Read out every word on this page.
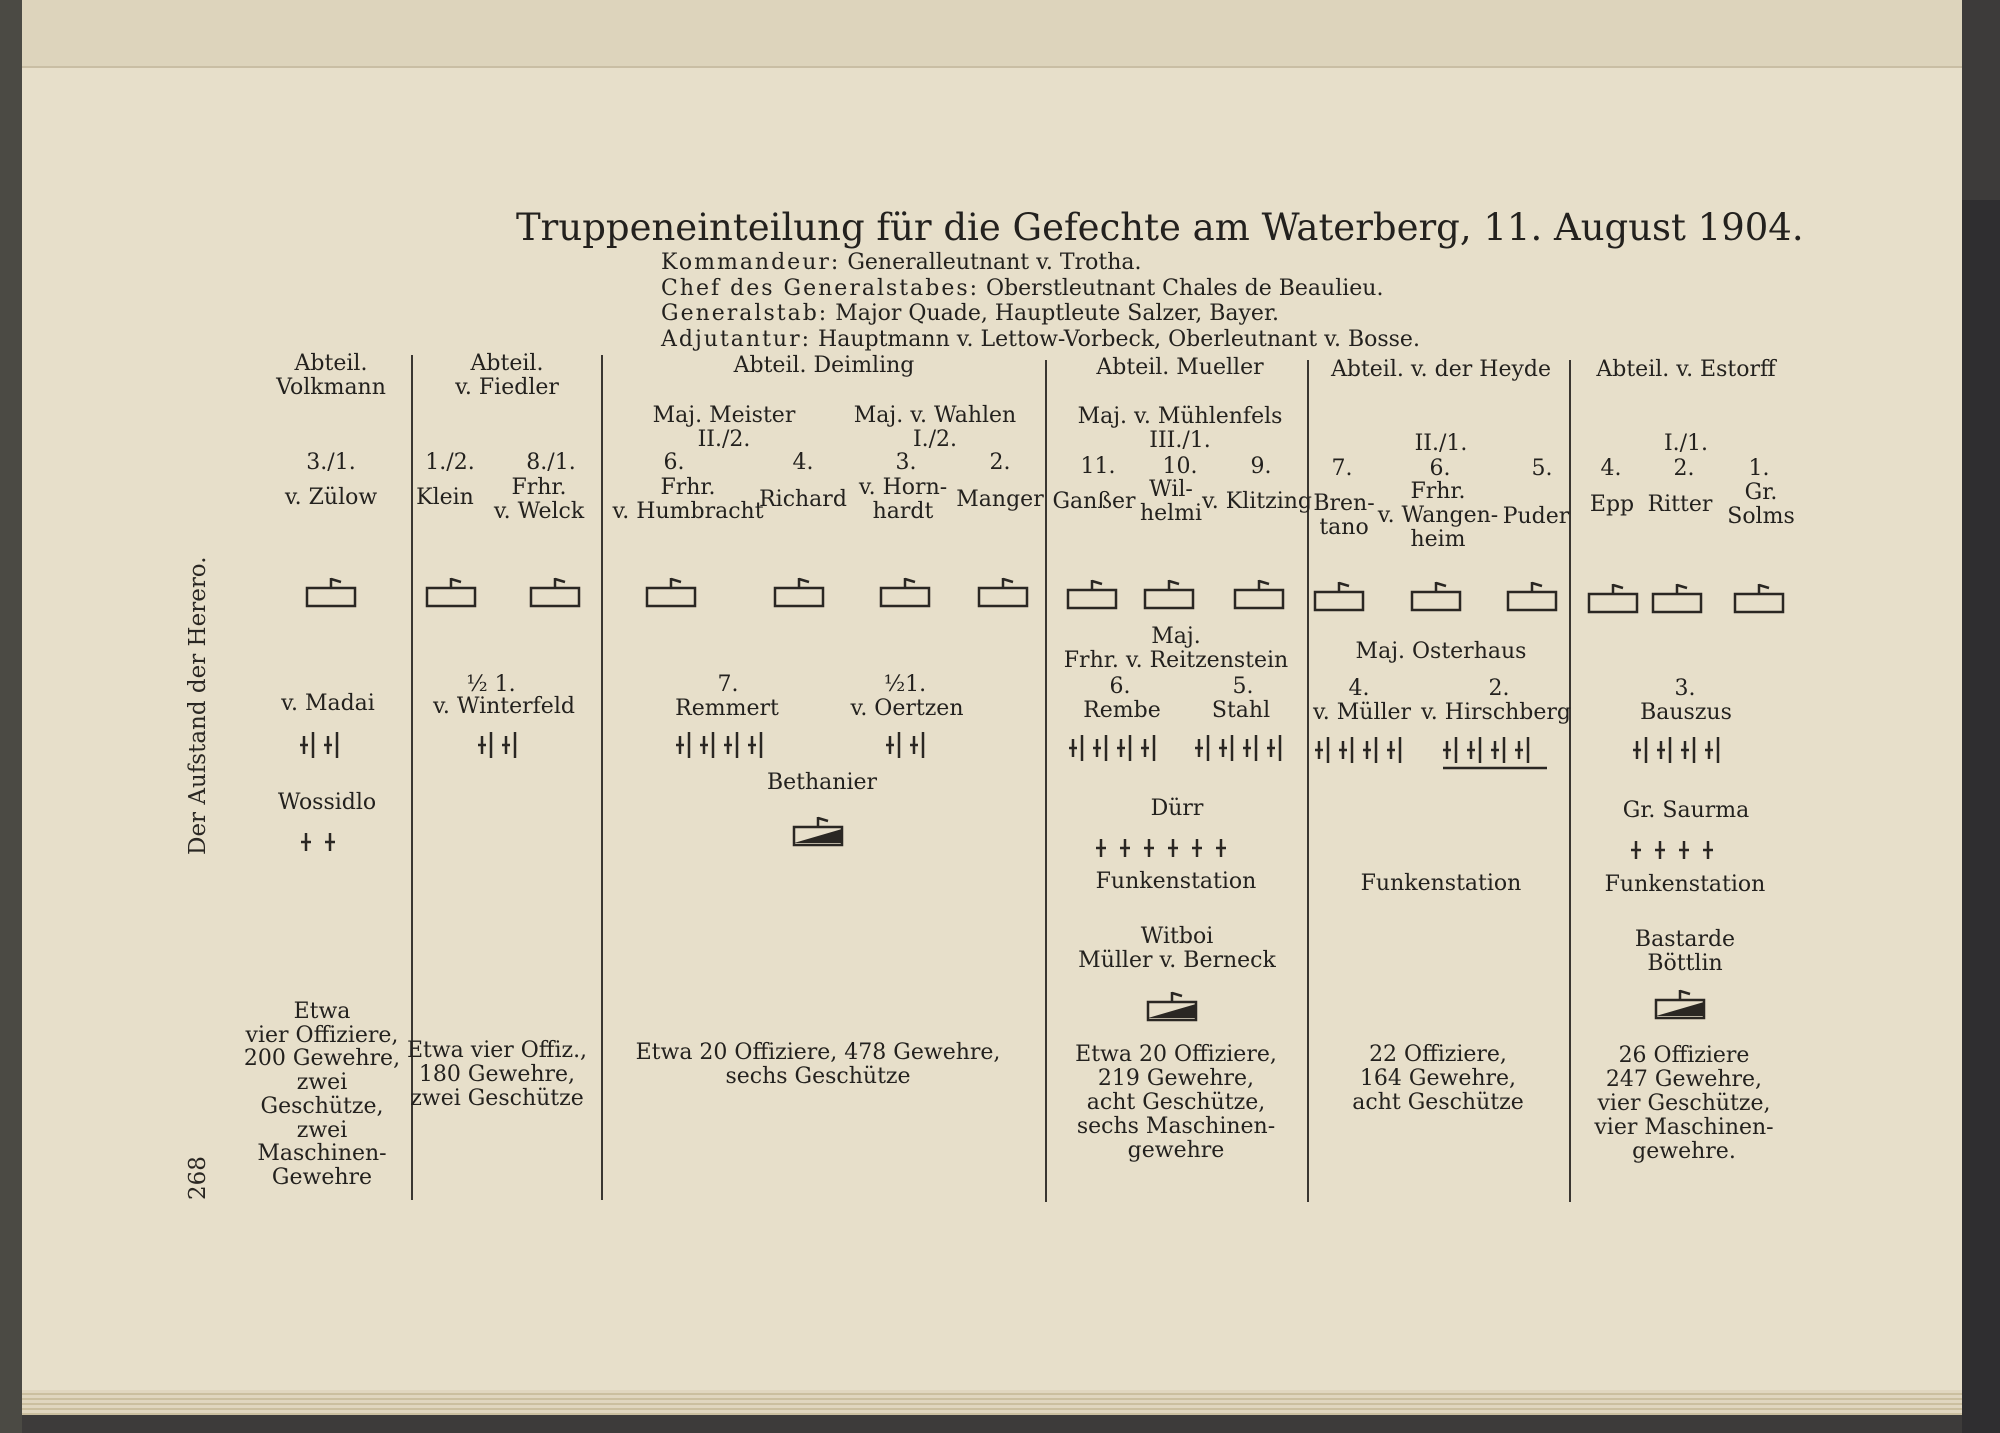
Der Aufstand der Herero.
268
Truppeneinteilung für die Gefechte am Waterberg, 11. August 1904.
Kommandeur: Generalleutnant v. Trotha.
Chef des Generalstabes: Oberstleutnant Chales de Beaulieu.
Generalstab: Major Quade, Hauptleute Salzer, Bayer.
Adjutantur: Hauptmann v. Lettow-Vorbeck, Oberleutnant v. Bosse.
Abteil.
Volkmann
3./1.
v. Zülow
v. Madai
Wossidlo
Etwa
vier Offiziere,
200 Gewehre,
zwei
Geschütze,
zwei
Maschinen-
Gewehre
Abteil.
v. Fiedler
1./2.
Klein
8./1.
Frhr.
v. Welck
½ 1.
v. Winterfeld
Etwa vier Offiz.,
180 Gewehre,
zwei Geschütze
Abteil. Deimling
Maj. Meister
II./2.
Maj. v. Wahlen
I./2.
6.
Frhr.
v. Humbracht
4.
Richard
3.
v. Horn-
hardt
2.
Manger
7.
Remmert
½1.
v. Oertzen
Bethanier
Etwa 20 Offiziere, 478 Gewehre,
sechs Geschütze
Abteil. Mueller
Maj. v. Mühlenfels
III./1.
11.
Ganßer
10.
Wil-
helmi
9.
v. Klitzing
Maj.
Frhr. v. Reitzenstein
6.
Rembe
5.
Stahl
Dürr
Funkenstation
Witboi
Müller v. Berneck
Etwa 20 Offiziere,
219 Gewehre,
acht Geschütze,
sechs Maschinen-
gewehre
Abteil. v. der Heyde
II./1.
7.
Bren-
tano
6.
Frhr.
v. Wangen-
heim
5.
Puder
Maj. Osterhaus
4.
v. Müller
2.
v. Hirschberg
Funkenstation
22 Offiziere,
164 Gewehre,
acht Geschütze
Abteil. v. Estorff
I./1.
4.
Epp
2.
Ritter
1.
Gr.
Solms
3.
Bauszus
Gr. Saurma
Funkenstation
Bastarde
Böttlin
26 Offiziere
247 Gewehre,
vier Geschütze,
vier Maschinen-
gewehre.
